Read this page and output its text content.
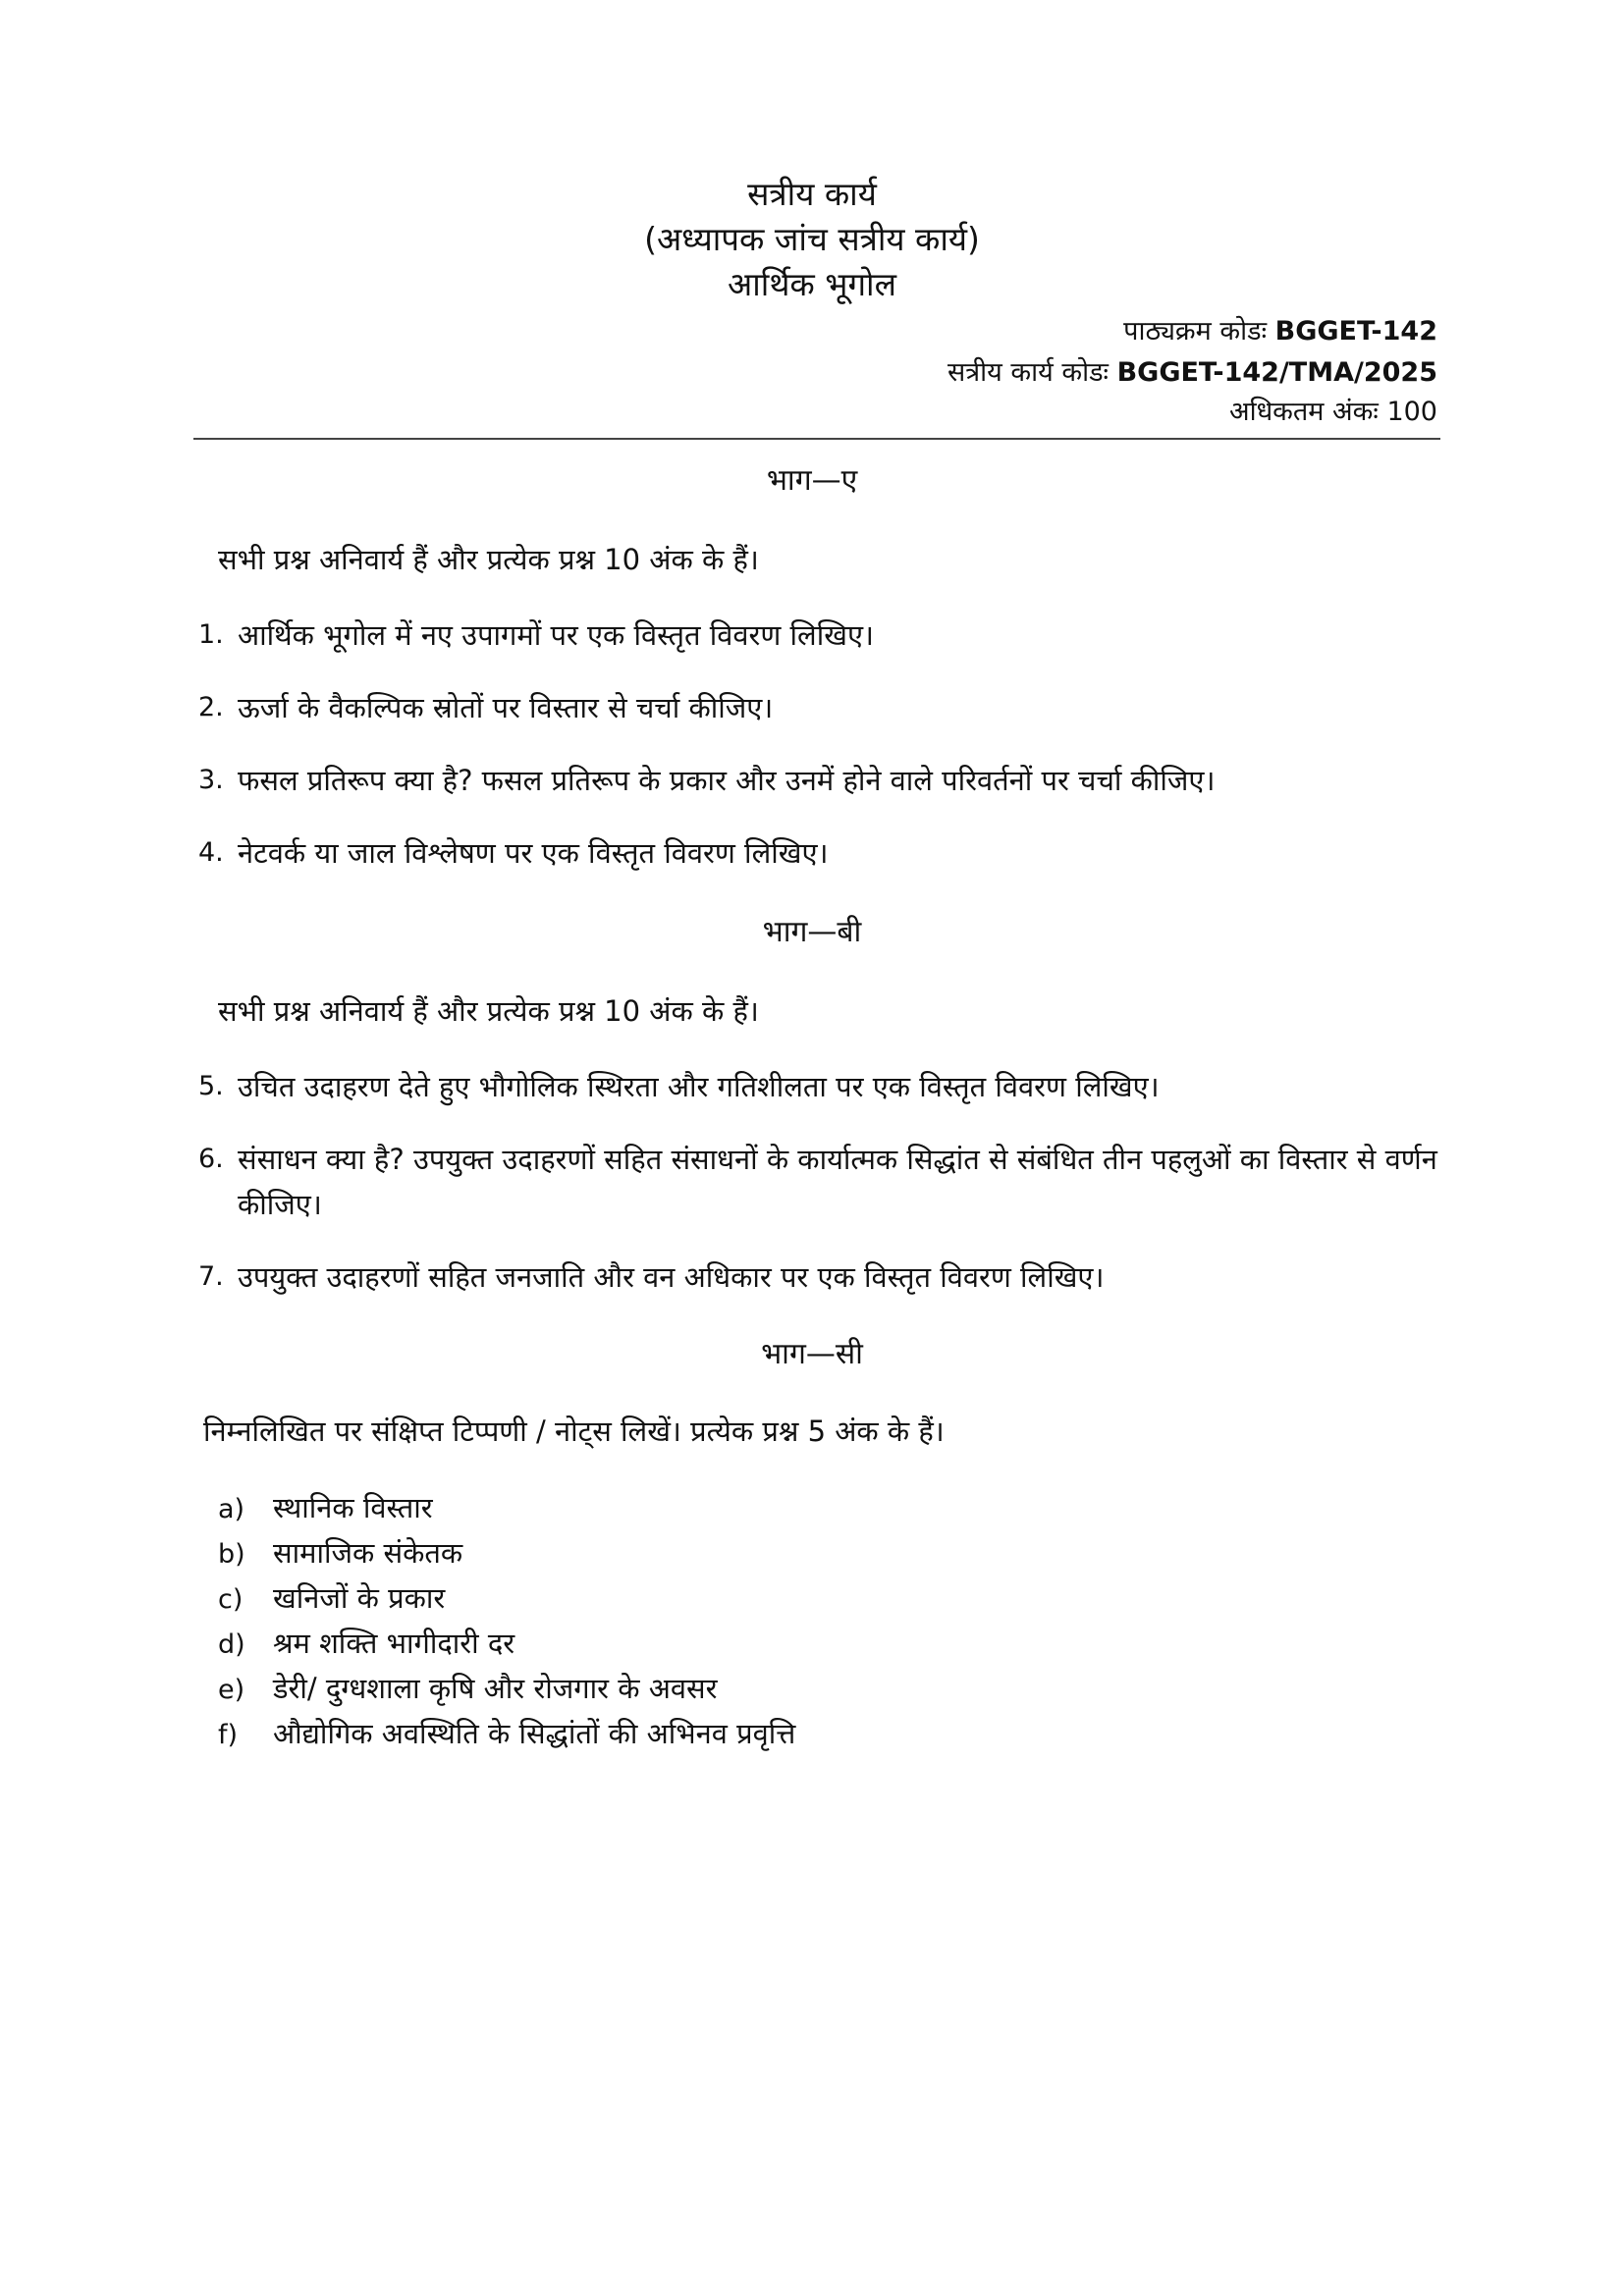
सत्रीय कार्य
(अध्यापक जांच सत्रीय कार्य)
आर्थिक भूगोल
पाठ्यक्रम कोडः BGGET-142
सत्रीय कार्य कोडः BGGET-142/TMA/2025
अधिकतम अंकः 100
भाग—ए
सभी प्रश्न अनिवार्य हैं और प्रत्येक प्रश्न 10 अंक के हैं।
1. आर्थिक भूगोल में नए उपागमों पर एक विस्तृत विवरण लिखिए।
2. ऊर्जा के वैकल्पिक स्रोतों पर विस्तार से चर्चा कीजिए।
3. फसल प्रतिरूप क्या है? फसल प्रतिरूप के प्रकार और उनमें होने वाले परिवर्तनों पर चर्चा कीजिए।
4. नेटवर्क या जाल विश्लेषण पर एक विस्तृत विवरण लिखिए।
भाग—बी
सभी प्रश्न अनिवार्य हैं और प्रत्येक प्रश्न 10 अंक के हैं।
5. उचित उदाहरण देते हुए भौगोलिक स्थिरता और गतिशीलता पर एक विस्तृत विवरण लिखिए।
6. संसाधन क्या है? उपयुक्त उदाहरणों सहित संसाधनों के कार्यात्मक सिद्धांत से संबंधित तीन पहलुओं का विस्तार से वर्णन कीजिए।
7. उपयुक्त उदाहरणों सहित जनजाति और वन अधिकार पर एक विस्तृत विवरण लिखिए।
भाग—सी
निम्नलिखित पर संक्षिप्त टिप्पणी / नोट्स लिखें। प्रत्येक प्रश्न 5 अंक के हैं।
a) स्थानिक विस्तार
b) सामाजिक संकेतक
c) खनिजों के प्रकार
d) श्रम शक्ति भागीदारी दर
e) डेरी/ दुग्धशाला कृषि और रोजगार के अवसर
f) औद्योगिक अवस्थिति के सिद्धांतों की अभिनव प्रवृत्ति
